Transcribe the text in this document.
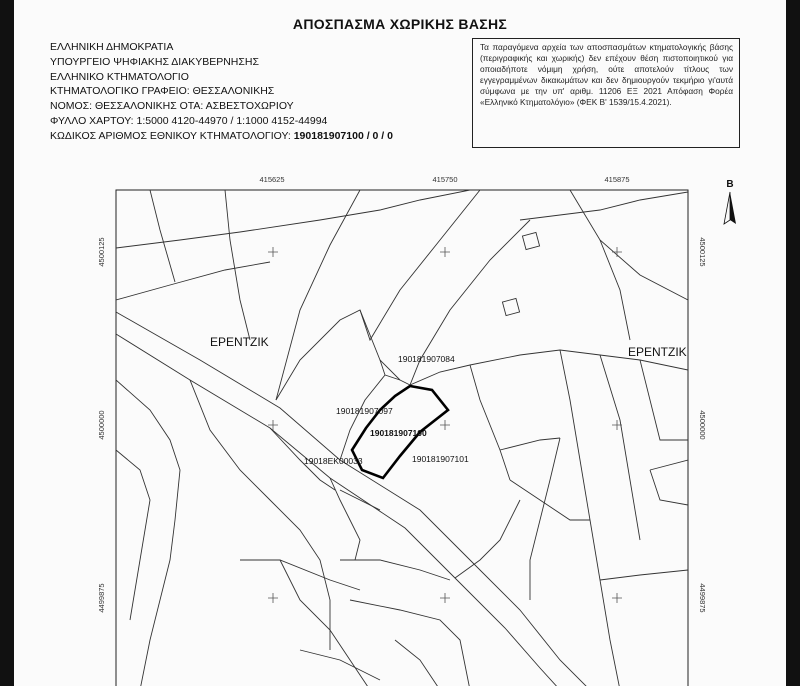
ΑΠΟΣΠΑΣΜΑ ΧΩΡΙΚΗΣ ΒΑΣΗΣ
ΕΛΛΗΝΙΚΗ ΔΗΜΟΚΡΑΤΙΑ
ΥΠΟΥΡΓΕΙΟ ΨΗΦΙΑΚΗΣ ΔΙΑΚΥΒΕΡΝΗΣΗΣ
ΕΛΛΗΝΙΚΟ ΚΤΗΜΑΤΟΛΟΓΙΟ
ΚΤΗΜΑΤΟΛΟΓΙΚΟ ΓΡΑΦΕΙΟ: ΘΕΣΣΑΛΟΝΙΚΗΣ
ΝΟΜΟΣ: ΘΕΣΣΑΛΟΝΙΚΗΣ ΟΤΑ: ΑΣΒΕΣΤΟΧΩΡΙΟΥ
ΦΥΛΛΟ ΧΑΡΤΟΥ: 1:5000 4120-44970 / 1:1000 4152-44994
ΚΩΔΙΚΟΣ ΑΡΙΘΜΟΣ ΕΘΝΙΚΟΥ ΚΤΗΜΑΤΟΛΟΓΙΟΥ: 190181907100 / 0 / 0
Τα παραγόμενα αρχεία των αποσπασμάτων κτηματολογικής βάσης (περιγραφικής και χωρικής) δεν επέχουν θέση πιστοποιητικού για οποιαδήποτε νόμιμη χρήση, ούτε αποτελούν τίτλους των εγγεγραμμένων δικαιωμάτων και δεν δημιουργούν τεκμήριο γι'αυτά σύμφωνα με την υπ' αριθμ. 11206 ΕΞ 2021 Απόφαση Φορέα «Ελληνικό Κτηματολόγιο» (ΦΕΚ Β' 1539/15.4.2021).
415625	415750	415875
4500125
4500000
4499875
4500125
4500000
4499875
Β
ΕΡΕΝΤΖΙΚ
ΕΡΕΝΤΖΙΚ
190181907084
190181907097
190181907100
190181907101
19018ΕΚ00033
